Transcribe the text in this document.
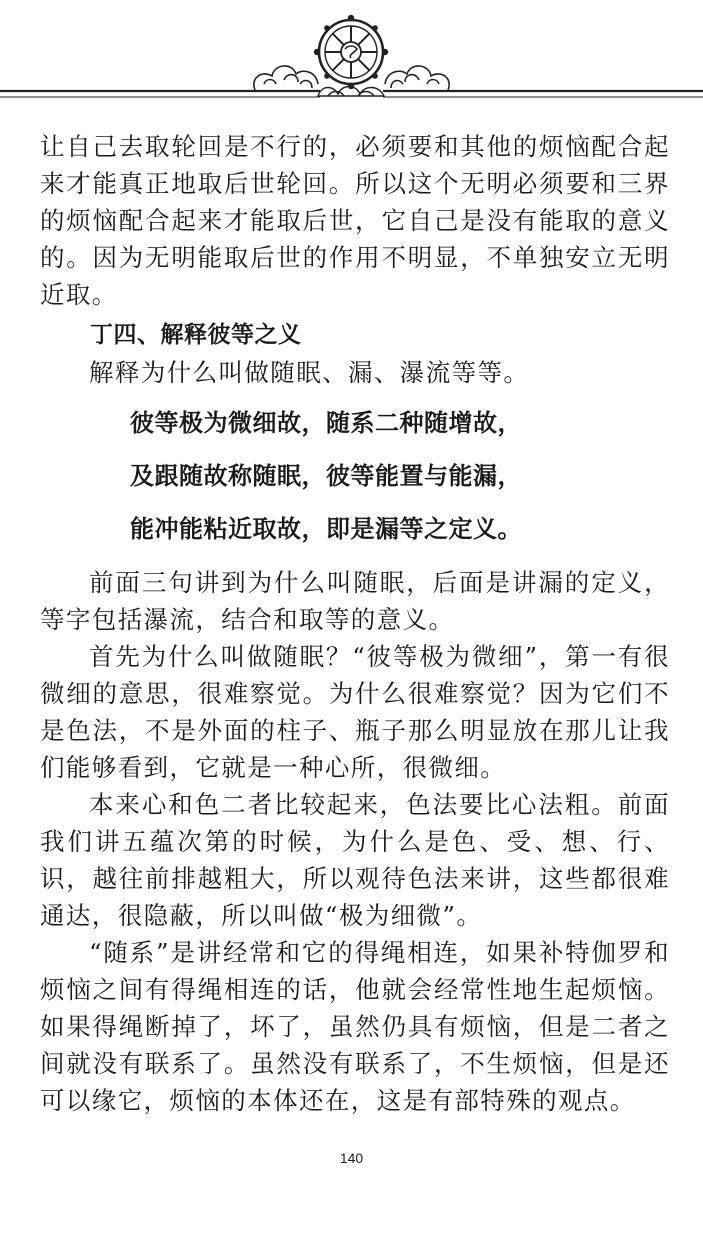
让自己去取轮回是不行的，必须要和其他的烦恼配合起来才能真正地取后世轮回。所以这个无明必须要和三界的烦恼配合起来才能取后世，它自己是没有能取的意义的。因为无明能取后世的作用不明显，不单独安立无明近取。

丁四、解释彼等之义

解释为什么叫做随眠、漏、瀑流等等。

彼等极为微细故，随系二种随增故，
及跟随故称随眠，彼等能置与能漏，
能冲能粘近取故，即是漏等之定义。

前面三句讲到为什么叫随眠，后面是讲漏的定义，等字包括瀑流，结合和取等的意义。

首先为什么叫做随眠？“彼等极为微细”，第一有很微细的意思，很难察觉。为什么很难察觉？因为它们不是色法，不是外面的柱子、瓶子那么明显放在那儿让我们能够看到，它就是一种心所，很微细。

本来心和色二者比较起来，色法要比心法粗。前面我们讲五蕴次第的时候，为什么是色、受、想、行、识，越往前排越粗大，所以观待色法来讲，这些都很难通达，很隐蔽，所以叫做“极为细微”。

“随系”是讲经常和它的得绳相连，如果补特伽罗和烦恼之间有得绳相连的话，他就会经常性地生起烦恼。如果得绳断掉了，坏了，虽然仍具有烦恼，但是二者之间就没有联系了。虽然没有联系了，不生烦恼，但是还可以缘它，烦恼的本体还在，这是有部特殊的观点。

140
